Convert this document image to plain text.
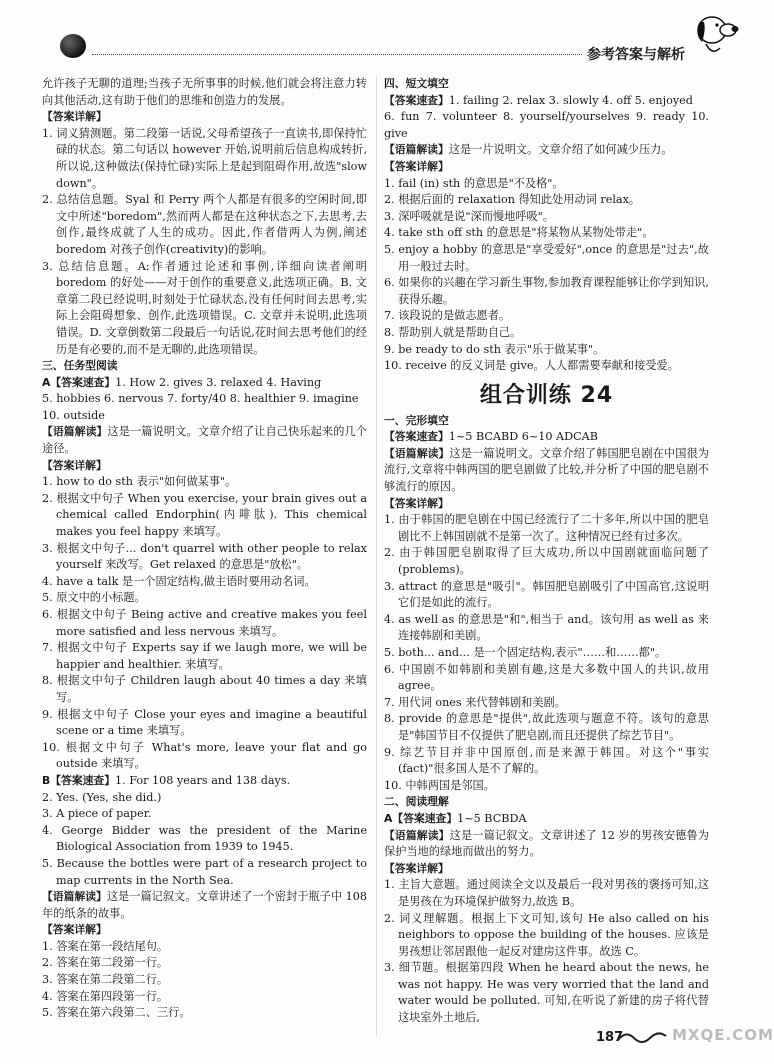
参考答案与解析

允许孩子无聊的道理;当孩子无所事事的时候,他们就会将注意力转向其他活动,这有助于他们的思维和创造力的发展。

【答案详解】

1. 词义猜测题。第二段第一话说,父母希望孩子一直读书,即保持忙碌的状态。第二句话以 however 开始,说明前后信息构成转折,所以说,这种做法(保持忙碌)实际上是起到阻碍作用,故选"slow down"。

2. 总结信息题。Syal 和 Perry 两个人都是有很多的空闲时间,即文中所述"boredom",然而两人都是在这种状态之下,去思考,去创作,最终成就了人生的成功。因此,作者借两人为例,阐述 boredom 对孩子创作(creativity)的影响。

3. 总结信息题。A:作者通过论述和事例,详细向读者阐明 boredom 的好处——对于创作的重要意义,此选项正确。B. 文章第二段已经说明,时刻处于忙碌状态,没有任何时间去思考,实际上会阻碍想象、创作,此选项错误。C. 文章并未说明,此选项错误。D. 文章倒数第二段最后一句话说,花时间去思考他们的经历是有必要的,而不是无聊的,此选项错误。

三、任务型阅读

A【答案速查】1. How 2. gives 3. relaxed 4. Having

5. hobbies 6. nervous 7. forty/40 8. healthier 9. imagine

10. outside

【语篇解读】这是一篇说明文。文章介绍了让自己快乐起来的几个途径。

【答案详解】

1. how to do sth 表示"如何做某事"。

2. 根据文中句子 When you exercise, your brain gives out a chemical called Endorphin(内啡肽). This chemical makes you feel happy 来填写。

3. 根据文中句子... don't quarrel with other people to relax yourself 来改写。Get relaxed 的意思是"放松"。

4. have a talk 是一个固定结构,做主语时要用动名词。

5. 原文中的小标题。

6. 根据文中句子 Being active and creative makes you feel more satisfied and less nervous 来填写。

7. 根据文中句子 Experts say if we laugh more, we will be happier and healthier. 来填写。

8. 根据文中句子 Children laugh about 40 times a day 来填写。

9. 根据文中句子 Close your eyes and imagine a beautiful scene or a time 来填写。

10. 根据文中句子 What's more, leave your flat and go outside 来填写。

B【答案速查】1. For 108 years and 138 days.

2. Yes. (Yes, she did.)

3. A piece of paper.

4. George Bidder was the president of the Marine Biological Association from 1939 to 1945.

5. Because the bottles were part of a research project to map currents in the North Sea.

【语篇解读】这是一篇记叙文。文章讲述了一个密封于瓶子中 108 年的纸条的故事。

【答案详解】

1. 答案在第一段结尾句。

2. 答案在第二段第一行。

3. 答案在第二段第二行。

4. 答案在第四段第一行。

5. 答案在第六段第二、三行。

四、短文填空

【答案速查】1. failing 2. relax 3. slowly 4. off 5. enjoyed

6. fun 7. volunteer 8. yourself/yourselves 9. ready 10. give

【语篇解读】这是一片说明文。文章介绍了如何减少压力。

【答案详解】

1. fail (in) sth 的意思是"不及格"。

2. 根据后面的 relaxation 得知此处用动词 relax。

3. 深呼吸就是说"深而慢地呼吸"。

4. take sth off sth 的意思是"将某物从某物处带走"。

5. enjoy a hobby 的意思是"享受爱好",once 的意思是"过去",故用一般过去时。

6. 如果你的兴趣在学习新生事物,参加教育课程能够让你学到知识,获得乐趣。

7. 该段说的是做志愿者。

8. 帮助别人就是帮助自己。

9. be ready to do sth 表示"乐于做某事"。

10. receive 的反义词是 give。人人都需要奉献和接受爱。

组合训练 24
一、完形填空

【答案速查】1~5 BCABD 6~10 ADCAB

【语篇解读】这是一篇说明文。文章介绍了韩国肥皂剧在中国很为流行,文章将中韩两国的肥皂剧做了比较,并分析了中国的肥皂剧不够流行的原因。

【答案详解】

1. 由于韩国的肥皂剧在中国已经流行了二十多年,所以中国的肥皂剧比不上韩国剧就不是第一次了。这种情况已经有过多次。

2. 由于韩国肥皂剧取得了巨大成功,所以中国剧就面临问题了(problems)。

3. attract 的意思是"吸引"。韩国肥皂剧吸引了中国高官,这说明它们是如此的流行。

4. as well as 的意思是"和",相当于 and。该句用 as well as 来连接韩剧和美剧。

5. both... and... 是一个固定结构,表示"……和……都"。

6. 中国剧不如韩剧和美剧有趣,这是大多数中国人的共识,故用 agree。

7. 用代词 ones 来代替韩剧和美剧。

8. provide 的意思是"提供",故此选项与题意不符。该句的意思是"韩国节目不仅提供了肥皂剧,而且还提供了综艺节目"。

9. 综艺节目并非中国原创,而是来源于韩国。对这个"事实(fact)"很多国人是不了解的。

10. 中韩两国是邻国。

二、阅读理解

A【答案速查】1~5 BCBDA

【语篇解读】这是一篇记叙文。文章讲述了 12 岁的男孩安德鲁为保护当地的绿地而做出的努力。

【答案详解】

1. 主旨大意题。通过阅读全文以及最后一段对男孩的褒扬可知,这是男孩在为环境保护做努力,故选 B。

2. 词义理解题。根据上下文可知,该句 He also called on his neighbors to oppose the building of the houses. 应该是男孩想让邻居跟他一起反对建房这件事。故选 C。

3. 细节题。根据第四段 When he heard about the news, he was not happy. He was very worried that the land and water would be polluted. 可知,在听说了新建的房子将代替这块室外土地后,

187	MXQE.COM
